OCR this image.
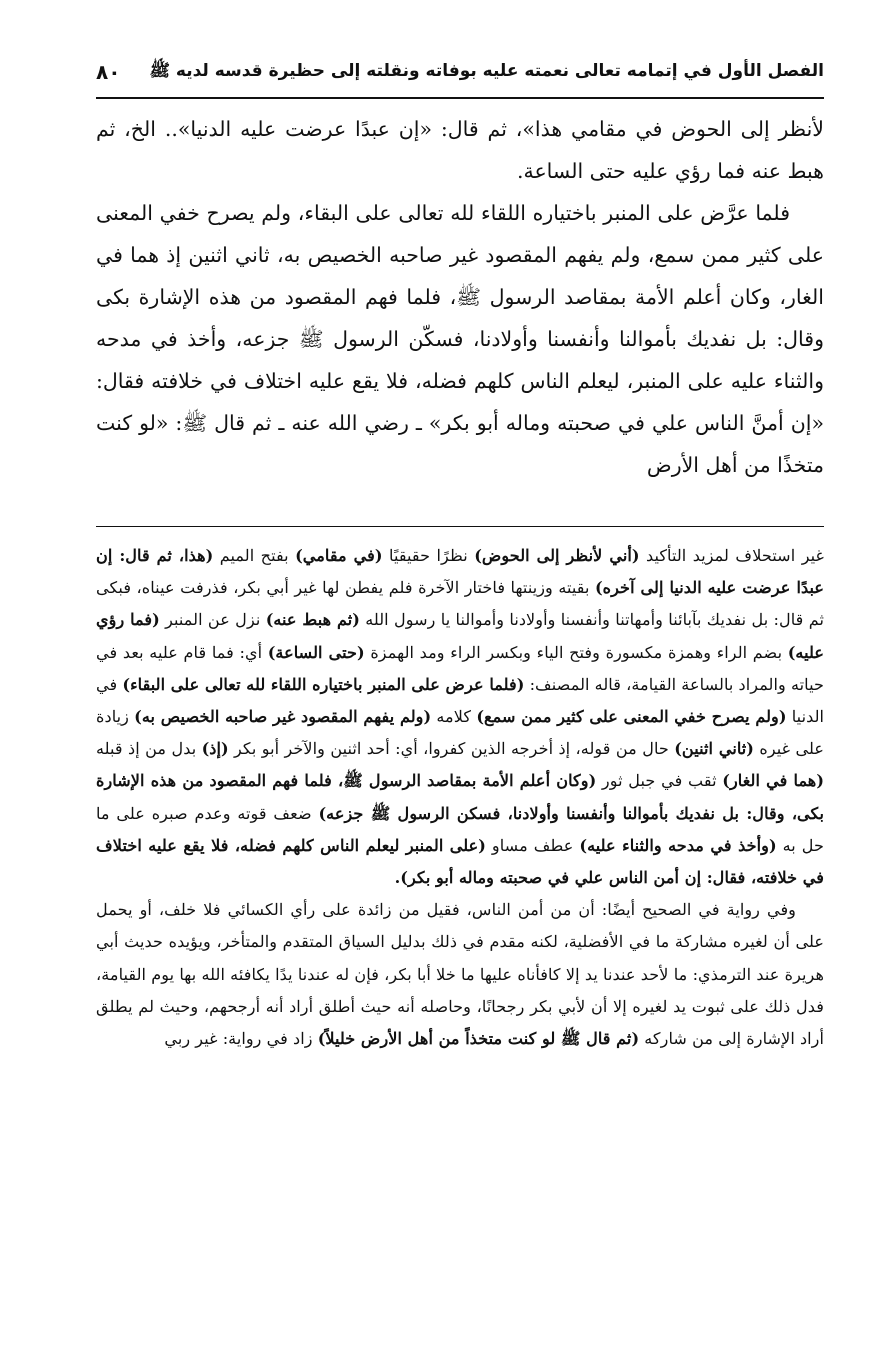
الفصل الأول في إتمامه تعالى نعمته عليه بوفاته ونقلته إلى حظيرة قدسه لديه ﷺ
٨٠

لأنظر إلى الحوض في مقامي هذا»، ثم قال: «إن عبدًا عرضت عليه الدنيا».. الخ، ثم هبط عنه فما رؤي عليه حتى الساعة.

فلما عرَّض على المنبر باختياره اللقاء لله تعالى على البقاء، ولم يصرح خفي المعنى على كثير ممن سمع، ولم يفهم المقصود غير صاحبه الخصيص به، ثاني اثنين إذ هما في الغار، وكان أعلم الأمة بمقاصد الرسول ﷺ، فلما فهم المقصود من هذه الإشارة بكى وقال: بل نفديك بأموالنا وأنفسنا وأولادنا، فسكّن الرسول ﷺ جزعه، وأخذ في مدحه والثناء عليه على المنبر، ليعلم الناس كلهم فضله، فلا يقع عليه اختلاف في خلافته فقال: «إن أمنَّ الناس علي في صحبته وماله أبو بكر» ـ رضي الله عنه ـ ثم قال ﷺ: «لو كنت متخذًا من أهل الأرض

غير استحلاف لمزيد التأكيد (أني لأنظر إلى الحوض) نظرًا حقيقيًا (في مقامي) بفتح الميم (هذا، ثم قال: إن عبدًا عرضت عليه الدنيا إلى آخره) بقيته وزينتها فاختار الآخرة فلم يفطن لها غير أبي بكر، فذرفت عيناه، فبكى ثم قال: بل نفديك بآبائنا وأمهاتنا وأنفسنا وأولادنا وأموالنا يا رسول الله (ثم هبط عنه) نزل عن المنبر (فما رؤي عليه) بضم الراء وهمزة مكسورة وفتح الياء وبكسر الراء ومد الهمزة (حتى الساعة) أي: فما قام عليه بعد في حياته والمراد بالساعة القيامة، قاله المصنف: (فلما عرض على المنبر باختياره اللقاء لله تعالى على البقاء) في الدنيا (ولم يصرح خفي المعنى على كثير ممن سمع) كلامه (ولم يفهم المقصود غير صاحبه الخصيص به) زيادة على غيره (ثاني اثنين) حال من قوله، إذ أخرجه الذين كفروا، أي: أحد اثنين والآخر أبو بكر (إذ) بدل من إذ قبله (هما في الغار) ثقب في جبل ثور (وكان أعلم الأمة بمقاصد الرسول ﷺ، فلما فهم المقصود من هذه الإشارة بكى، وقال: بل نفديك بأموالنا وأنفسنا وأولادنا، فسكن الرسول ﷺ جزعه) ضعف قوته وعدم صبره على ما حل به (وأخذ في مدحه والثناء عليه) عطف مساو (على المنبر ليعلم الناس كلهم فضله، فلا يقع عليه اختلاف في خلافته، فقال: إن أمن الناس علي في صحبته وماله أبو بكر).

وفي رواية في الصحيح أيضًا: أن من أمن الناس، فقيل من زائدة على رأي الكسائي فلا خلف، أو يحمل على أن لغيره مشاركة ما في الأفضلية، لكنه مقدم في ذلك بدليل السياق المتقدم والمتأخر، ويؤيده حديث أبي هريرة عند الترمذي: ما لأحد عندنا يد إلا كافأناه عليها ما خلا أبا بكر، فإن له عندنا يدًا يكافئه الله بها يوم القيامة، فدل ذلك على ثبوت يد لغيره إلا أن لأبي بكر رجحانًا، وحاصله أنه حيث أطلق أراد أنه أرجحهم، وحيث لم يطلق أراد الإشارة إلى من شاركه (ثم قال ﷺ لو كنت متخذاً من أهل الأرض خليلاً) زاد في رواية: غير ربي
